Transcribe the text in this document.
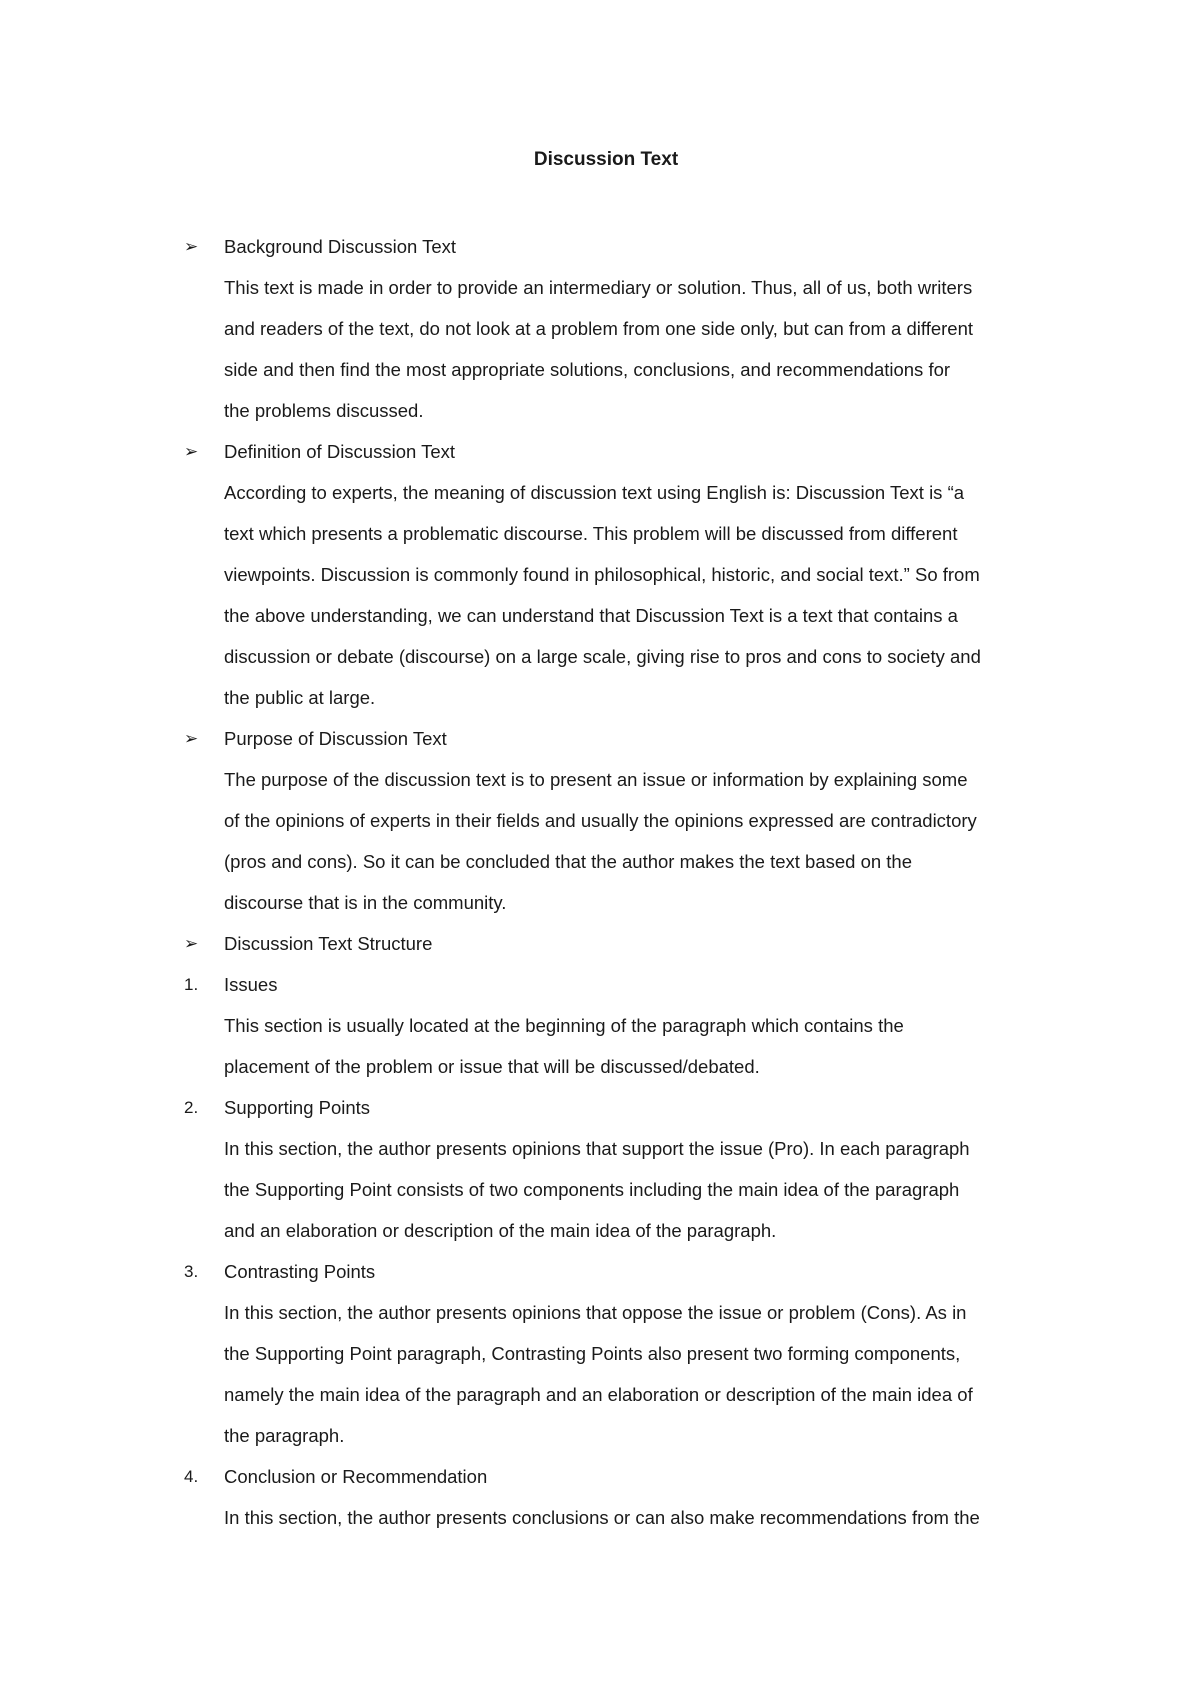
Discussion Text
➢	Background Discussion Text
This text is made in order to provide an intermediary or solution. Thus, all of us, both writers
and readers of the text, do not look at a problem from one side only, but can from a different
side and then find the most appropriate solutions, conclusions, and recommendations for
the problems discussed.
➢	Definition of Discussion Text
According to experts, the meaning of discussion text using English is: Discussion Text is “a
text which presents a problematic discourse. This problem will be discussed from different
viewpoints. Discussion is commonly found in philosophical, historic, and social text.” So from
the above understanding, we can understand that Discussion Text is a text that contains a
discussion or debate (discourse) on a large scale, giving rise to pros and cons to society and
the public at large.
➢	Purpose of Discussion Text
The purpose of the discussion text is to present an issue or information by explaining some
of the opinions of experts in their fields and usually the opinions expressed are contradictory
(pros and cons). So it can be concluded that the author makes the text based on the
discourse that is in the community.
➢	Discussion Text Structure
1.	Issues
This section is usually located at the beginning of the paragraph which contains the
placement of the problem or issue that will be discussed/debated.
2.	Supporting Points
In this section, the author presents opinions that support the issue (Pro). In each paragraph
the Supporting Point consists of two components including the main idea of the paragraph
and an elaboration or description of the main idea of the paragraph.
3.	Contrasting Points
In this section, the author presents opinions that oppose the issue or problem (Cons). As in
the Supporting Point paragraph, Contrasting Points also present two forming components,
namely the main idea of the paragraph and an elaboration or description of the main idea of
the paragraph.
4.	Conclusion or Recommendation
In this section, the author presents conclusions or can also make recommendations from the
